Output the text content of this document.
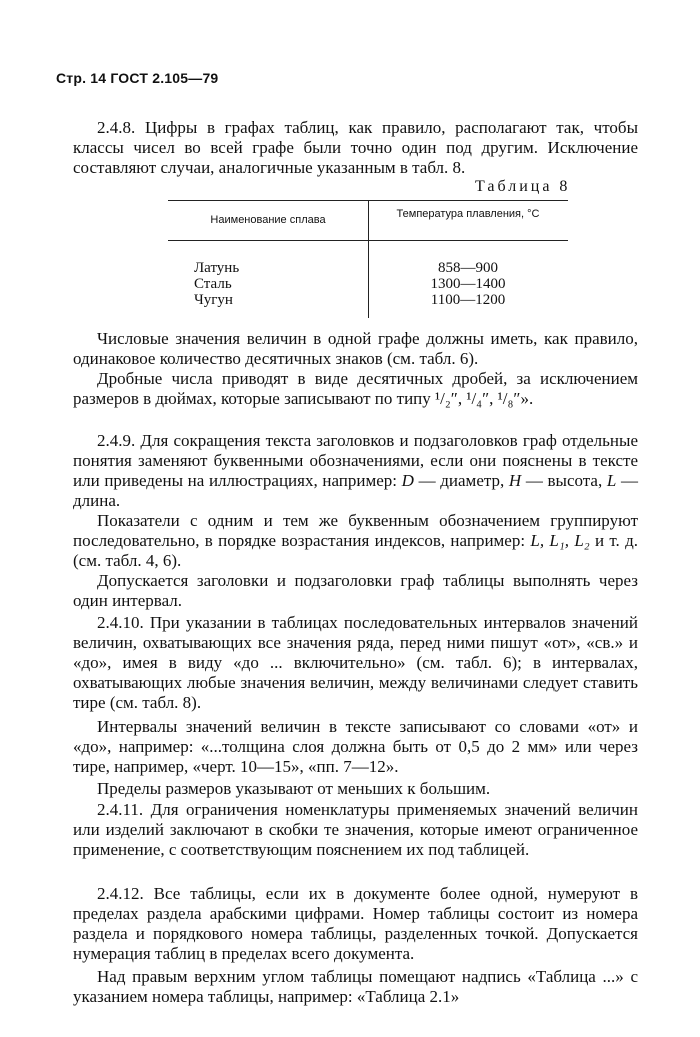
Стр. 14 ГОСТ 2.105—79

2.4.8. Цифры в графах таблиц, как правило, располагают так, чтобы классы чисел во всей графе были точно один под другим. Исключение составляют случаи, аналогичные указанным в табл. 8.

Таблица 8
Наименование сплава	Температура плавления, °С
Латунь
Сталь
Чугун
858—900
1300—1400
1100—1200

Числовые значения величин в одной графе должны иметь, как правило, одинаковое количество десятичных знаков (см. табл. 6).

Дробные числа приводят в виде десятичных дробей, за исключением размеров в дюймах, которые записывают по типу ¹/₂″, ¹/₄″, ¹/₈″».

2.4.9. Для сокращения текста заголовков и подзаголовков граф отдельные понятия заменяют буквенными обозначениями, если они пояснены в тексте или приведены на иллюстрациях, например: D — диаметр, H — высота, L — длина.

Показатели с одним и тем же буквенным обозначением группируют последовательно, в порядке возрастания индексов, например: L, L₁, L₂ и т. д. (см. табл. 4, 6).

Допускается заголовки и подзаголовки граф таблицы выполнять через один интервал.

2.4.10. При указании в таблицах последовательных интервалов значений величин, охватывающих все значения ряда, перед ними пишут «от», «св.» и «до», имея в виду «до ... включительно» (см. табл. 6); в интервалах, охватывающих любые значения величин, между величинами следует ставить тире (см. табл. 8).

Интервалы значений величин в тексте записывают со словами «от» и «до», например: «...толщина слоя должна быть от 0,5 до 2 мм» или через тире, например, «черт. 10—15», «пп. 7—12».

Пределы размеров указывают от меньших к большим.

2.4.11. Для ограничения номенклатуры применяемых значений величин или изделий заключают в скобки те значения, которые имеют ограниченное применение, с соответствующим пояснением их под таблицей.

2.4.12. Все таблицы, если их в документе более одной, нумеруют в пределах раздела арабскими цифрами. Номер таблицы состоит из номера раздела и порядкового номера таблицы, разделенных точкой. Допускается нумерация таблиц в пределах всего документа.

Над правым верхним углом таблицы помещают надпись «Таблица ...» с указанием номера таблицы, например: «Таблица 2.1»
